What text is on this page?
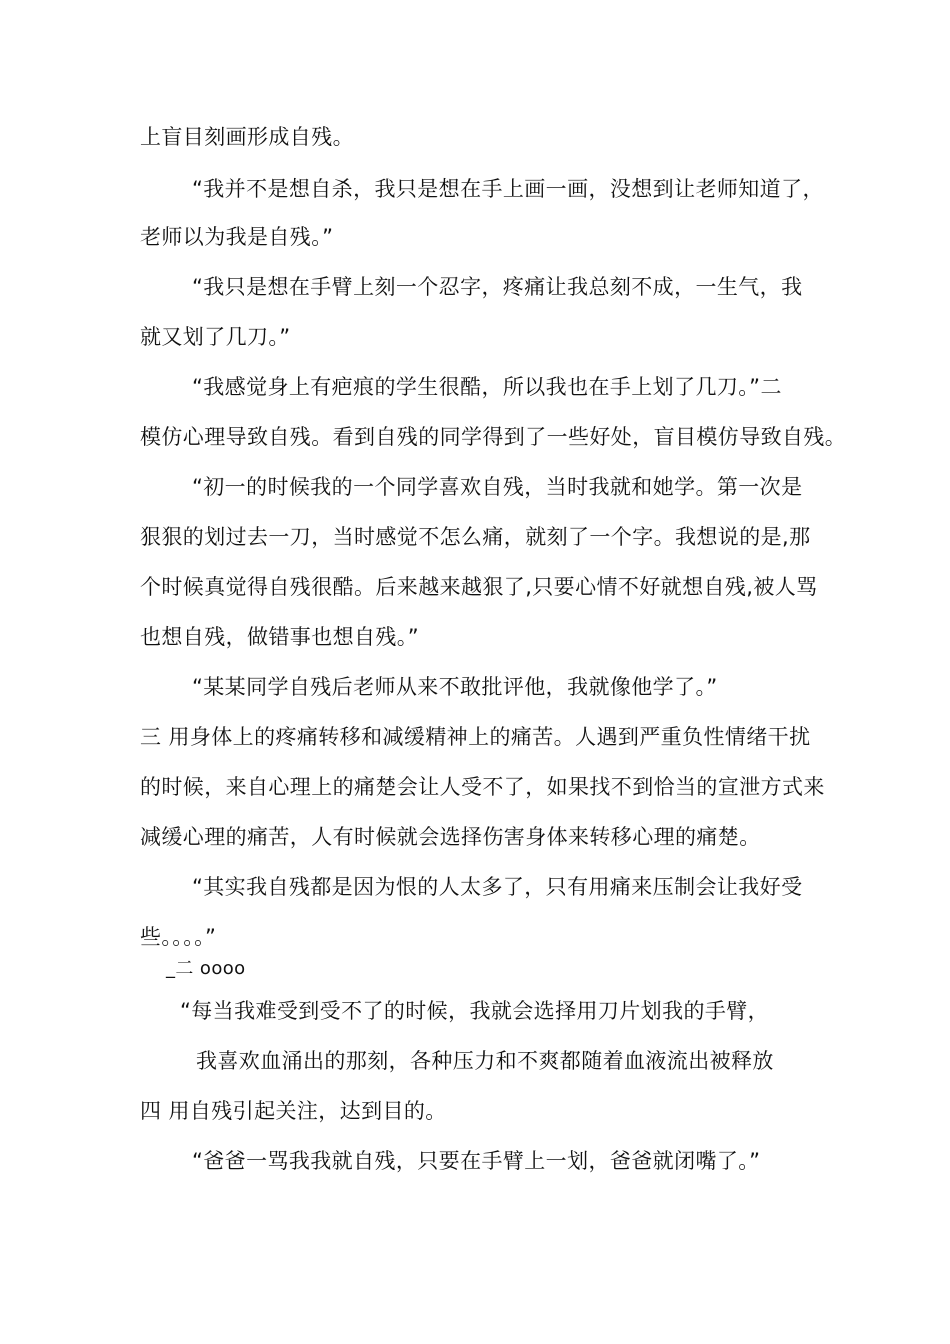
上盲目刻画形成自残。
“我并不是想自杀，我只是想在手上画一画，没想到让老师知道了，
老师以为我是自残。”
“我只是想在手臂上刻一个忍字，疼痛让我总刻不成，一生气，我
就又划了几刀。”
“我感觉身上有疤痕的学生很酷，所以我也在手上划了几刀。”二
模仿心理导致自残。看到自残的同学得到了一些好处，盲目模仿导致自残。
“初一的时候我的一个同学喜欢自残，当时我就和她学。第一次是
狠狠的划过去一刀，当时感觉不怎么痛，就刻了一个字。我想说的是,那
个时候真觉得自残很酷。后来越来越狠了,只要心情不好就想自残,被人骂
也想自残，做错事也想自残。”
“某某同学自残后老师从来不敢批评他，我就像他学了。”
三 用身体上的疼痛转移和减缓精神上的痛苦。人遇到严重负性情绪干扰
的时候，来自心理上的痛楚会让人受不了，如果找不到恰当的宣泄方式来
减缓心理的痛苦，人有时候就会选择伤害身体来转移心理的痛楚。
“其实我自残都是因为恨的人太多了，只有用痛来压制会让我好受
些。。。。”
_二 oooo
“每当我难受到受不了的时候，我就会选择用刀片划我的手臂，
我喜欢血涌出的那刻，各种压力和不爽都随着血液流出被释放
四 用自残引起关注，达到目的。
“爸爸一骂我我就自残，只要在手臂上一划，爸爸就闭嘴了。”
